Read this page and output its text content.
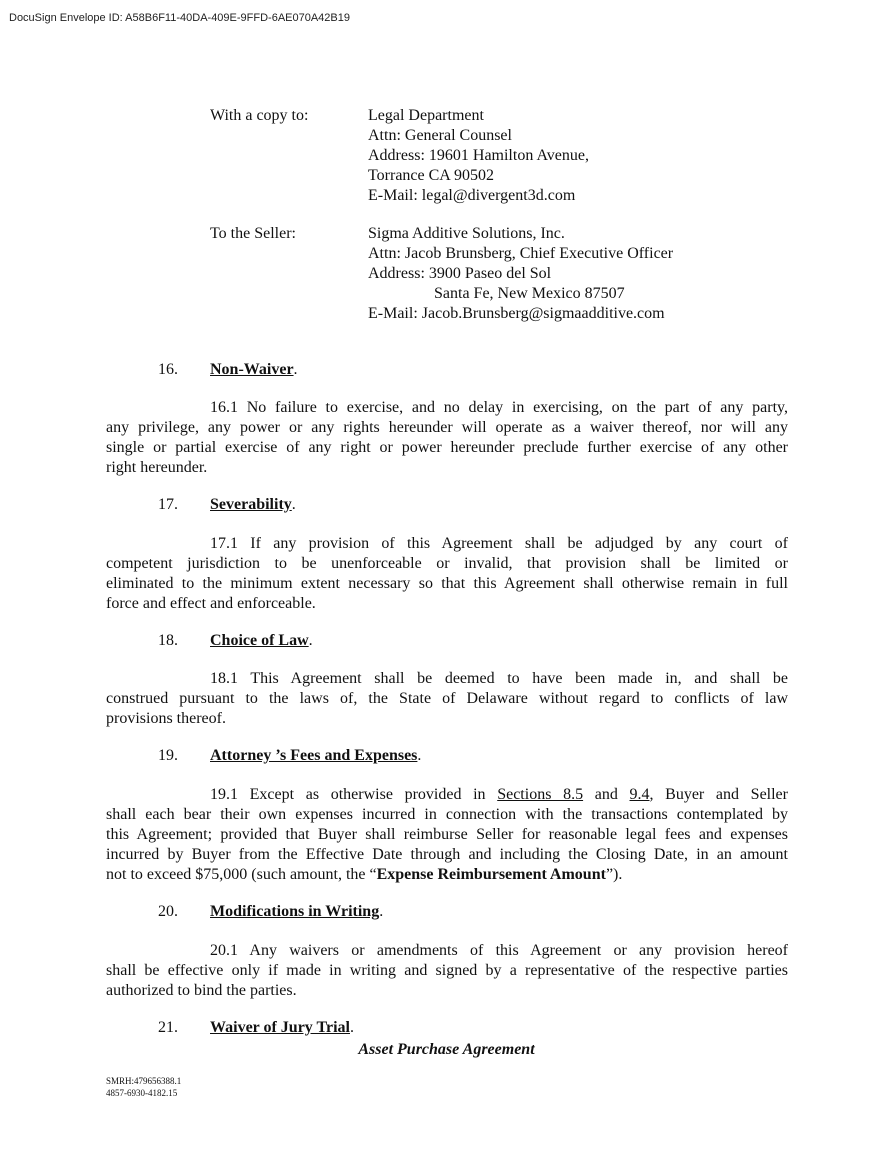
DocuSign Envelope ID: A58B6F11-40DA-409E-9FFD-6AE070A42B19
With a copy to:	Legal Department
Attn: General Counsel
Address: 19601 Hamilton Avenue,
Torrance CA 90502
E-Mail: legal@divergent3d.com
To the Seller:	Sigma Additive Solutions, Inc.
Attn: Jacob Brunsberg, Chief Executive Officer
Address: 3900 Paseo del Sol
Santa Fe, New Mexico 87507
E-Mail: Jacob.Brunsberg@sigmaadditive.com
16. Non-Waiver.
16.1 No failure to exercise, and no delay in exercising, on the part of any party,
any privilege, any power or any rights hereunder will operate as a waiver thereof, nor will any
single or partial exercise of any right or power hereunder preclude further exercise of any other
right hereunder.
17. Severability.
17.1 If any provision of this Agreement shall be adjudged by any court of
competent jurisdiction to be unenforceable or invalid, that provision shall be limited or
eliminated to the minimum extent necessary so that this Agreement shall otherwise remain in full
force and effect and enforceable.
18. Choice of Law.
18.1 This Agreement shall be deemed to have been made in, and shall be
construed pursuant to the laws of, the State of Delaware without regard to conflicts of law
provisions thereof.
19. Attorney ’s Fees and Expenses.
19.1 Except as otherwise provided in Sections 8.5 and 9.4, Buyer and Seller
shall each bear their own expenses incurred in connection with the transactions contemplated by
this Agreement; provided that Buyer shall reimburse Seller for reasonable legal fees and expenses
incurred by Buyer from the Effective Date through and including the Closing Date, in an amount
not to exceed $75,000 (such amount, the “Expense Reimbursement Amount”).
20. Modifications in Writing.
20.1 Any waivers or amendments of this Agreement or any provision hereof
shall be effective only if made in writing and signed by a representative of the respective parties
authorized to bind the parties.
21. Waiver of Jury Trial.
Asset Purchase Agreement
SMRH:479656388.1
4857-6930-4182.15
